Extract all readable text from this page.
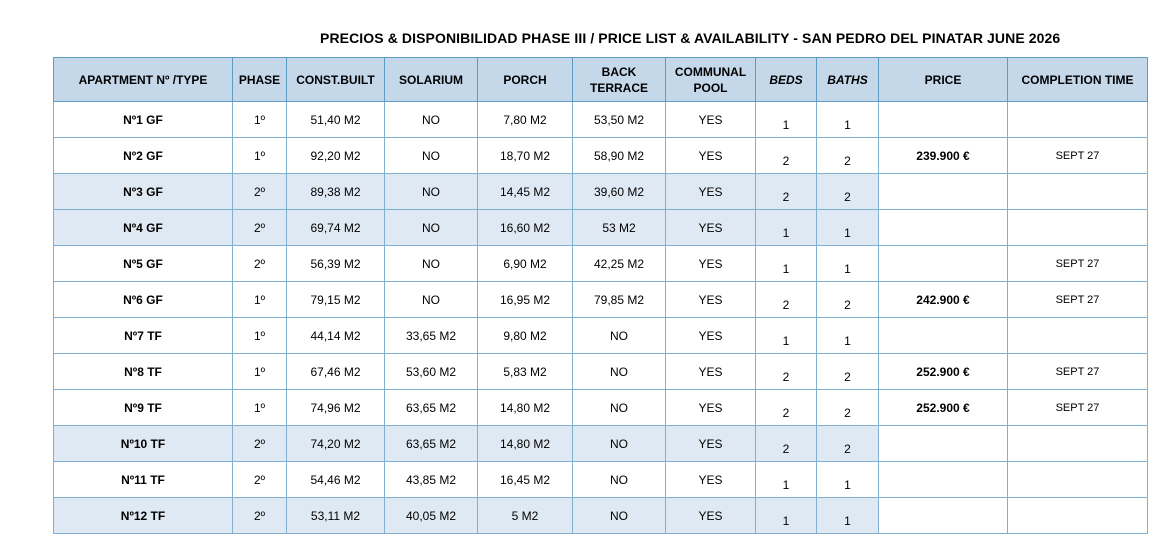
PRECIOS & DISPONIBILIDAD PHASE III / PRICE LIST & AVAILABILITY - SAN PEDRO DEL PINATAR JUNE 2026
APARTMENT Nº /TYPE	PHASE	CONST.BUILT	SOLARIUM	PORCH	BACK TERRACE	COMMUNAL POOL	BEDS	BATHS	PRICE	COMPLETION TIME
Nº1 GF	1º	51,40 M2	NO	7,80 M2	53,50 M2	YES	1	1		
Nº2 GF	1º	92,20 M2	NO	18,70 M2	58,90 M2	YES	2	2	239.900 €	SEPT 27
Nº3 GF	2º	89,38 M2	NO	14,45 M2	39,60 M2	YES	2	2		
Nº4 GF	2º	69,74 M2	NO	16,60 M2	53 M2	YES	1	1		
Nº5 GF	2º	56,39 M2	NO	6,90 M2	42,25 M2	YES	1	1		SEPT 27
Nº6 GF	1º	79,15 M2	NO	16,95 M2	79,85 M2	YES	2	2	242.900 €	SEPT 27
Nº7 TF	1º	44,14 M2	33,65 M2	9,80 M2	NO	YES	1	1		
Nº8 TF	1º	67,46 M2	53,60 M2	5,83 M2	NO	YES	2	2	252.900 €	SEPT 27
Nº9 TF	1º	74,96 M2	63,65 M2	14,80 M2	NO	YES	2	2	252.900 €	SEPT 27
Nº10 TF	2º	74,20 M2	63,65 M2	14,80 M2	NO	YES	2	2		
Nº11 TF	2º	54,46 M2	43,85 M2	16,45 M2	NO	YES	1	1		
Nº12 TF	2º	53,11 M2	40,05 M2	5 M2	NO	YES	1	1		
